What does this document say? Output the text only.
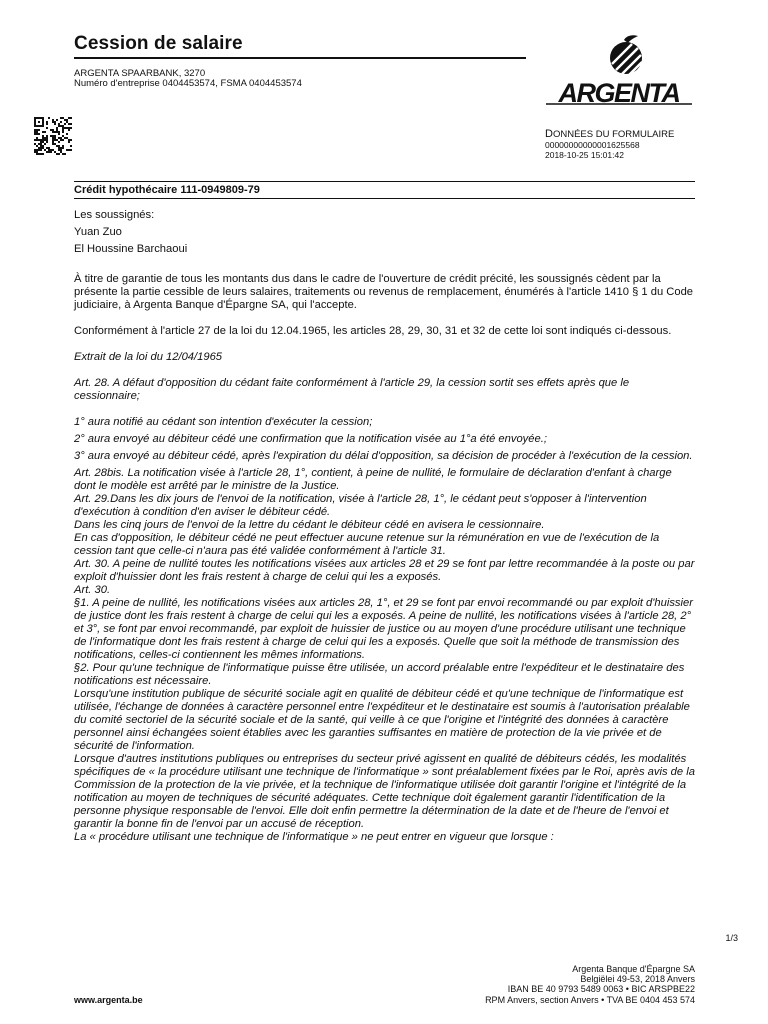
Cession de salaire
ARGENTA SPAARBANK, 3270
Numéro d'entreprise 0404453574, FSMA 0404453574	ARGENTA
DONNÉES DU FORMULAIRE
00000000000001625568
2018-10-25 15:01:42
Crédit hypothécaire 111-0949809-79

Les soussignés:

Yuan Zuo

El Houssine Barchaoui

À titre de garantie de tous les montants dus dans le cadre de l'ouverture de crédit précité, les soussignés cèdent par la présente la partie cessible de leurs salaires, traitements ou revenus de remplacement, énumérés à l'article 1410 § 1 du Code judiciaire, à Argenta Banque d'Épargne SA, qui l'accepte.

Conformément à l'article 27 de la loi du 12.04.1965, les articles 28, 29, 30, 31 et 32 de cette loi sont indiqués ci-dessous.

Extrait de la loi du 12/04/1965

Art. 28. A défaut d'opposition du cédant faite conformément à l'article 29, la cession sortit ses effets après que le cessionnaire;

1° aura notifié au cédant son intention d'exécuter la cession;

2° aura envoyé au débiteur cédé une confirmation que la notification visée au 1°a été envoyée.;

3° aura envoyé au débiteur cédé, après l'expiration du délai d'opposition, sa décision de procéder à l'exécution de la cession.

Art. 28bis. La notification visée à l'article 28, 1°, contient, à peine de nullité, le formulaire de déclaration d'enfant à charge dont le modèle est arrêté par le ministre de la Justice.

Art. 29.Dans les dix jours de l'envoi de la notification, visée à l'article 28, 1°, le cédant peut s'opposer à l'intervention d'exécution à condition d'en aviser le débiteur cédé.

Dans les cinq jours de l'envoi de la lettre du cédant le débiteur cédé en avisera le cessionnaire.

En cas d'opposition, le débiteur cédé ne peut effectuer aucune retenue sur la rémunération en vue de l'exécution de la cession tant que celle-ci n'aura pas été validée conformément à l'article 31.

Art. 30. A peine de nullité toutes les notifications visées aux articles 28 et 29 se font par lettre recommandée à la poste ou par exploit d'huissier dont les frais restent à charge de celui qui les a exposés.

Art. 30.

§1. A peine de nullité, les notifications visées aux articles 28, 1°, et 29 se font par envoi recommandé ou par exploit d'huissier de justice dont les frais restent à charge de celui qui les a exposés. A peine de nullité, les notifications visées à l'article 28, 2° et 3°, se font par envoi recommandé, par exploit de huissier de justice ou au moyen d'une procédure utilisant une technique de l'informatique dont les frais restent à charge de celui qui les a exposés. Quelle que soit la méthode de transmission des notifications, celles-ci contiennent les mêmes informations.

§2. Pour qu'une technique de l'informatique puisse être utilisée, un accord préalable entre l'expéditeur et le destinataire des notifications est nécessaire.

Lorsqu'une institution publique de sécurité sociale agit en qualité de débiteur cédé et qu'une technique de l'informatique est utilisée, l'échange de données à caractère personnel entre l'expéditeur et le destinataire est soumis à l'autorisation préalable du comité sectoriel de la sécurité sociale et de la santé, qui veille à ce que l'origine et l'intégrité des données à caractère personnel ainsi échangées soient établies avec les garanties suffisantes en matière de protection de la vie privée et de sécurité de l'information.

Lorsque d'autres institutions publiques ou entreprises du secteur privé agissent en qualité de débiteurs cédés, les modalités spécifiques de « la procédure utilisant une technique de l'informatique » sont préalablement fixées par le Roi, après avis de la Commission de la protection de la vie privée, et la technique de l'informatique utilisée doit garantir l'origine et l'intégrité de la notification au moyen de techniques de sécurité adéquates. Cette technique doit également garantir l'identification de la personne physique responsable de l'envoi. Elle doit enfin permettre la détermination de la date et de l'heure de l'envoi et garantir la bonne fin de l'envoi par un accusé de réception.

La « procédure utilisant une technique de l'informatique » ne peut entrer en vigueur que lorsque :

1/3
Argenta Banque d'Épargne SA
Belgiëlei 49-53, 2018 Anvers
IBAN BE 40 9793 5489 0063 • BIC ARSPBE22
RPM Anvers, section Anvers • TVA BE 0404 453 574
www.argenta.be
